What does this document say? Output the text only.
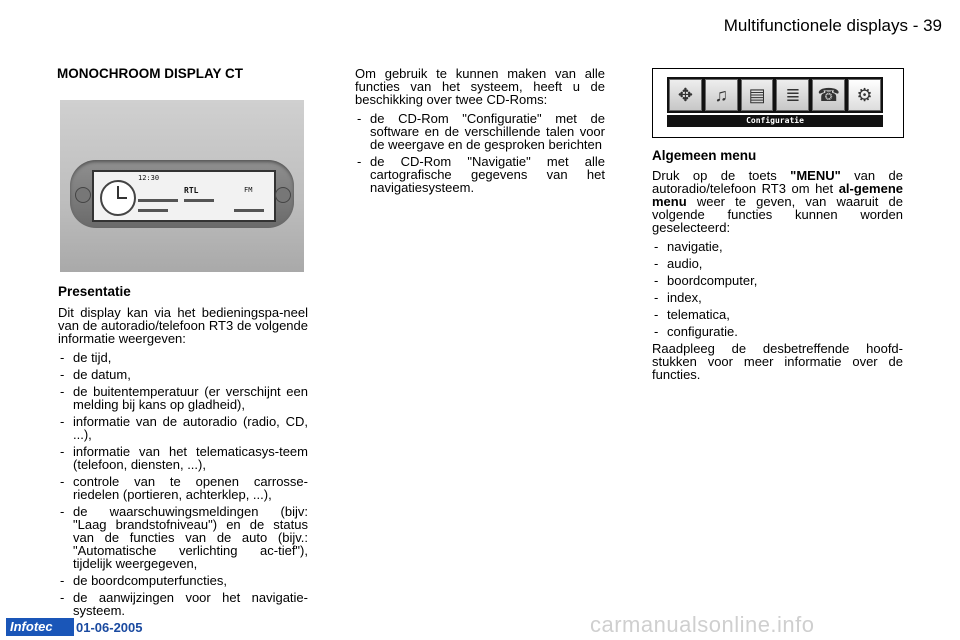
Multifunctionele displays - 39
MONOCHROOM DISPLAY CT
12:30
RTL	FM
Presentatie
Dit display kan via het bedieningspa-neel van de autoradio/telefoon RT3 de volgende informatie weergeven:
- de tijd,
- de datum,
- de buitentemperatuur (er verschijnt een melding bij kans op gladheid),
- informatie van de autoradio (radio, CD, ...),
- informatie van het telematicasys-teem (telefoon, diensten, ...),
- controle van te openen carrosse-riedelen (portieren, achterklep, ...),
- de waarschuwingsmeldingen (bijv: "Laag brandstofniveau") en de status van de functies van de auto (bijv.: "Automatische verlichting ac-tief"), tijdelijk weergegeven,
- de boordcomputerfuncties,
- de aanwijzingen voor het navigatie-systeem.
Om gebruik te kunnen maken van alle functies van het systeem, heeft u de beschikking over twee CD-Roms:
- de CD-Rom "Configuratie" met de software en de verschillende talen voor de weergave en de gesproken berichten
- de CD-Rom "Navigatie" met alle cartografische gegevens van het navigatiesysteem.
✥	♫	▤	≣ ☎ ⚙
Configuratie
Algemeen menu
Druk op de toets "MENU" van de autoradio/telefoon RT3 om het al-gemene menu weer te geven, van waaruit de volgende functies kunnen worden geselecteerd:
- navigatie,
- audio,
- boordcomputer,
- index,
- telematica,
- configuratie.
Raadpleeg de desbetreffende hoofd-stukken voor meer informatie over de functies.
Infotec	01-06-2005	carmanualsonline.info
